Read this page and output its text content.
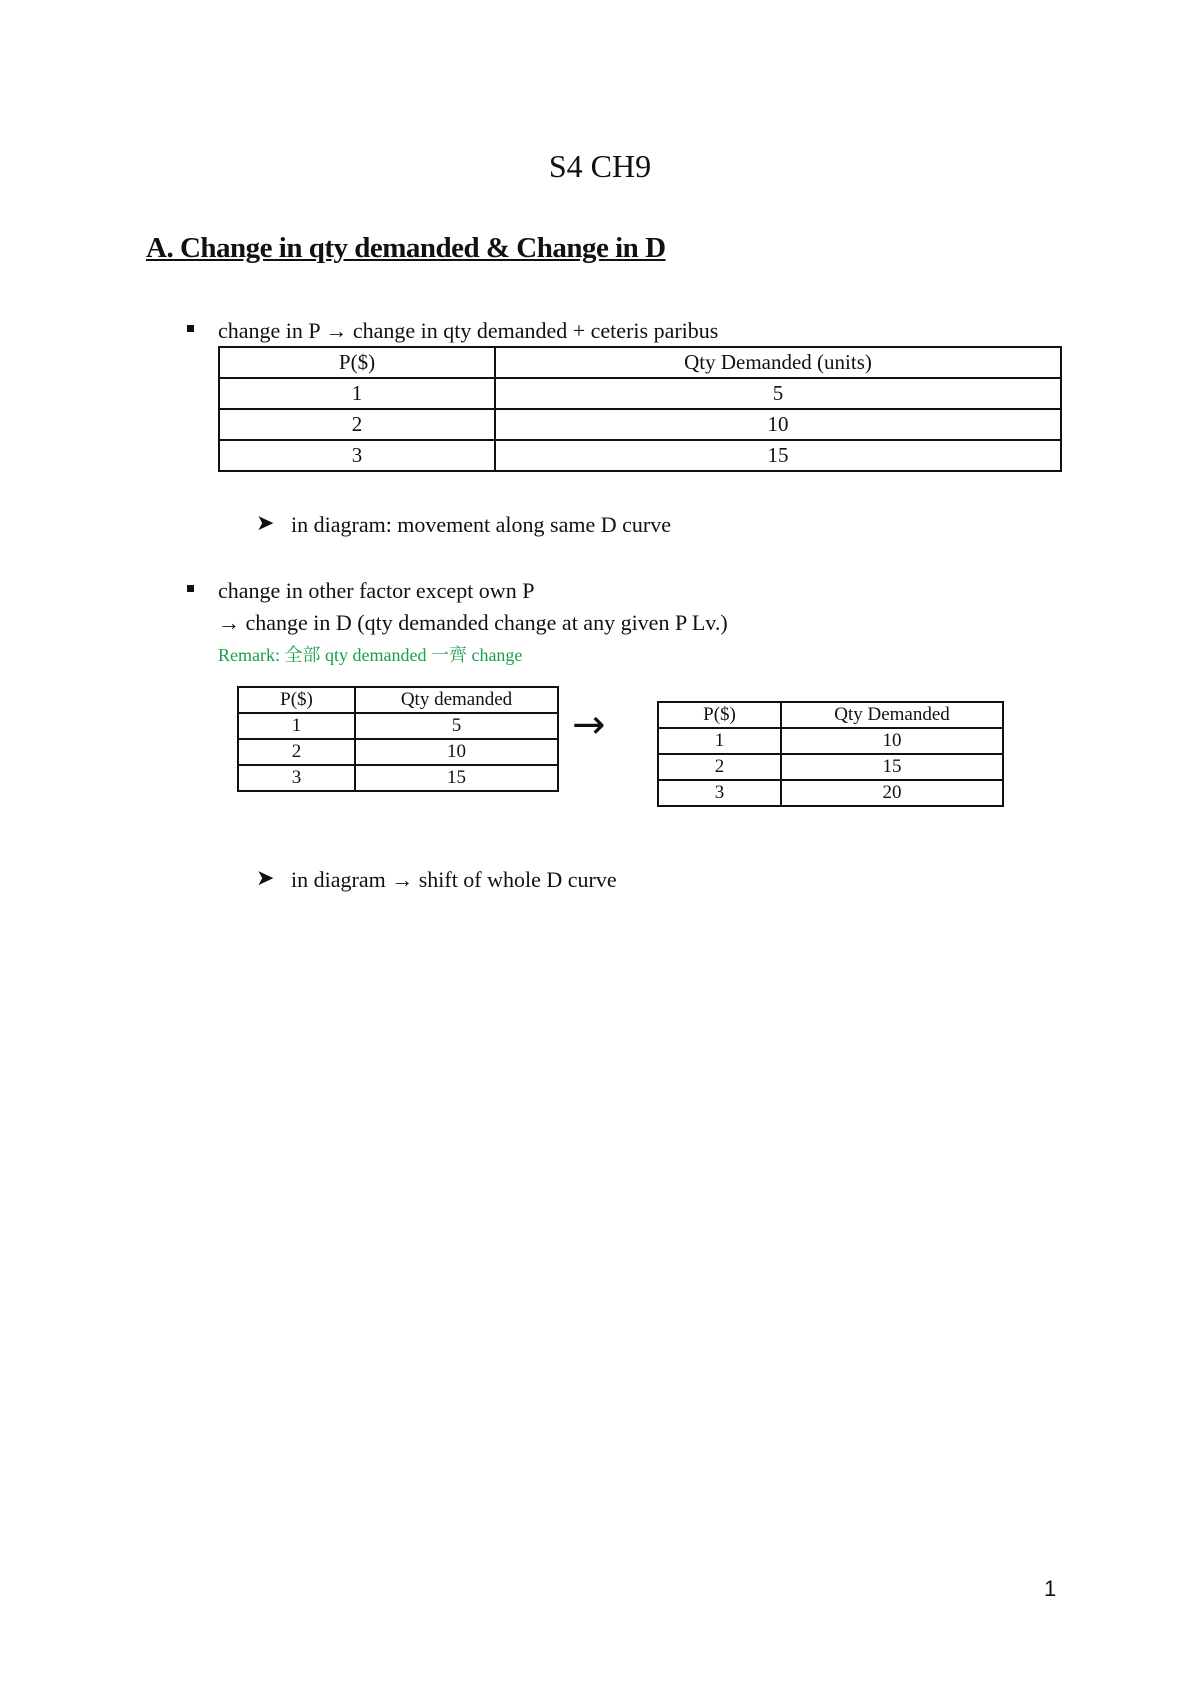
S4 CH9
A. Change in qty demanded & Change in D
change in P → change in qty demanded + ceteris paribus
P($)	Qty Demanded (units)
1	5
2	10
3	15
➤ in diagram: movement along same D curve
change in other factor except own P
→ change in D (qty demanded change at any given P Lv.)
Remark: 全部 qty demanded 一齊 change
P($)	Qty demanded
1	5
2	10
3	15
→	P($)	Qty Demanded
1	10
2	15
3	20
➤ in diagram → shift of whole D curve
1
